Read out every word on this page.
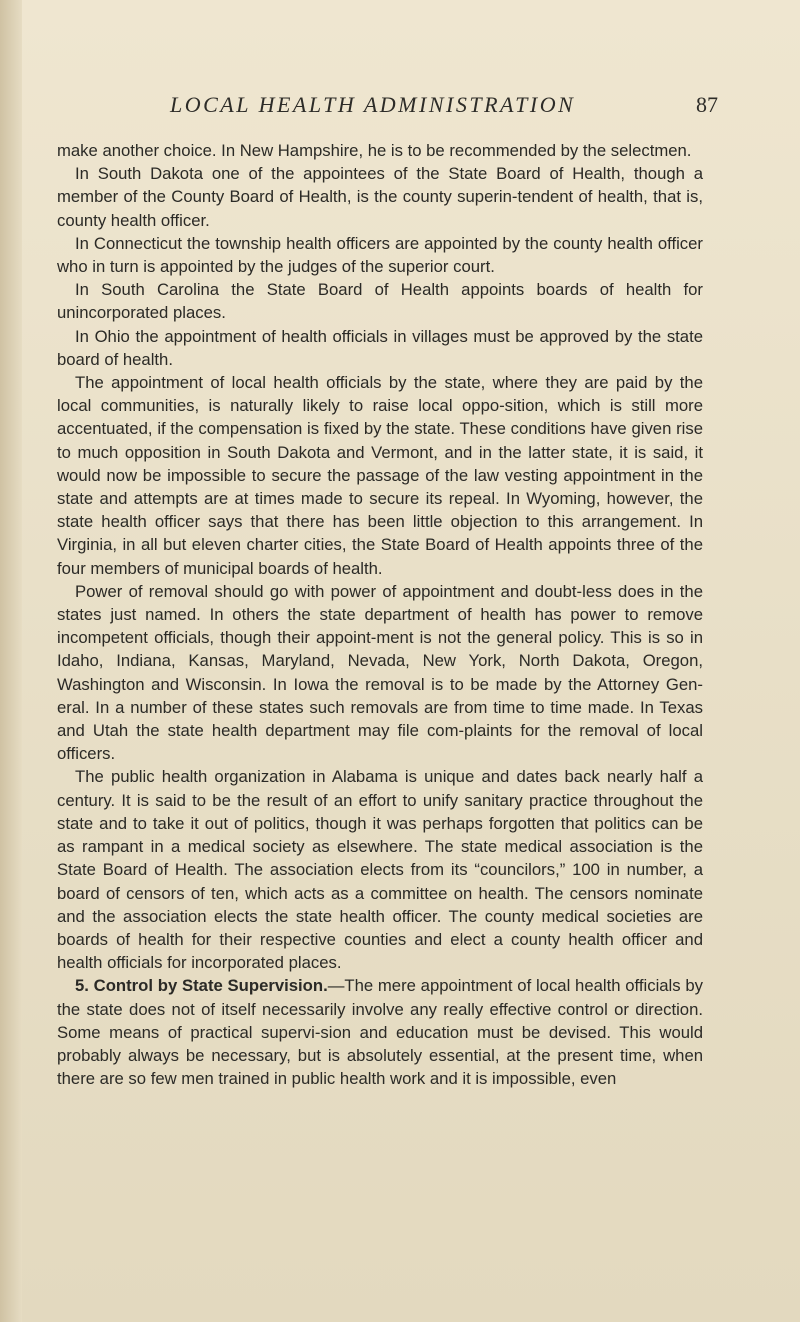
LOCAL HEALTH ADMINISTRATION	87

make another choice. In New Hampshire, he is to be recommended by the selectmen.

In South Dakota one of the appointees of the State Board of Health, though a member of the County Board of Health, is the county superin-tendent of health, that is, county health officer.

In Connecticut the township health officers are appointed by the county health officer who in turn is appointed by the judges of the superior court.

In South Carolina the State Board of Health appoints boards of health for unincorporated places.

In Ohio the appointment of health officials in villages must be approved by the state board of health.

The appointment of local health officials by the state, where they are paid by the local communities, is naturally likely to raise local oppo-sition, which is still more accentuated, if the compensation is fixed by the state. These conditions have given rise to much opposition in South Dakota and Vermont, and in the latter state, it is said, it would now be impossible to secure the passage of the law vesting appointment in the state and attempts are at times made to secure its repeal. In Wyoming, however, the state health officer says that there has been little objection to this arrangement. In Virginia, in all but eleven charter cities, the State Board of Health appoints three of the four members of municipal boards of health.

Power of removal should go with power of appointment and doubt-less does in the states just named. In others the state department of health has power to remove incompetent officials, though their appoint-ment is not the general policy. This is so in Idaho, Indiana, Kansas, Maryland, Nevada, New York, North Dakota, Oregon, Washington and Wisconsin. In Iowa the removal is to be made by the Attorney Gen-eral. In a number of these states such removals are from time to time made. In Texas and Utah the state health department may file com-plaints for the removal of local officers.

The public health organization in Alabama is unique and dates back nearly half a century. It is said to be the result of an effort to unify sanitary practice throughout the state and to take it out of politics, though it was perhaps forgotten that politics can be as rampant in a medical society as elsewhere. The state medical association is the State Board of Health. The association elects from its “councilors,” 100 in number, a board of censors of ten, which acts as a committee on health. The censors nominate and the association elects the state health officer. The county medical societies are boards of health for their respective counties and elect a county health officer and health officials for incorporated places.

5. Control by State Supervision.—The mere appointment of local health officials by the state does not of itself necessarily involve any really effective control or direction. Some means of practical supervi-sion and education must be devised. This would probably always be necessary, but is absolutely essential, at the present time, when there are so few men trained in public health work and it is impossible, even
